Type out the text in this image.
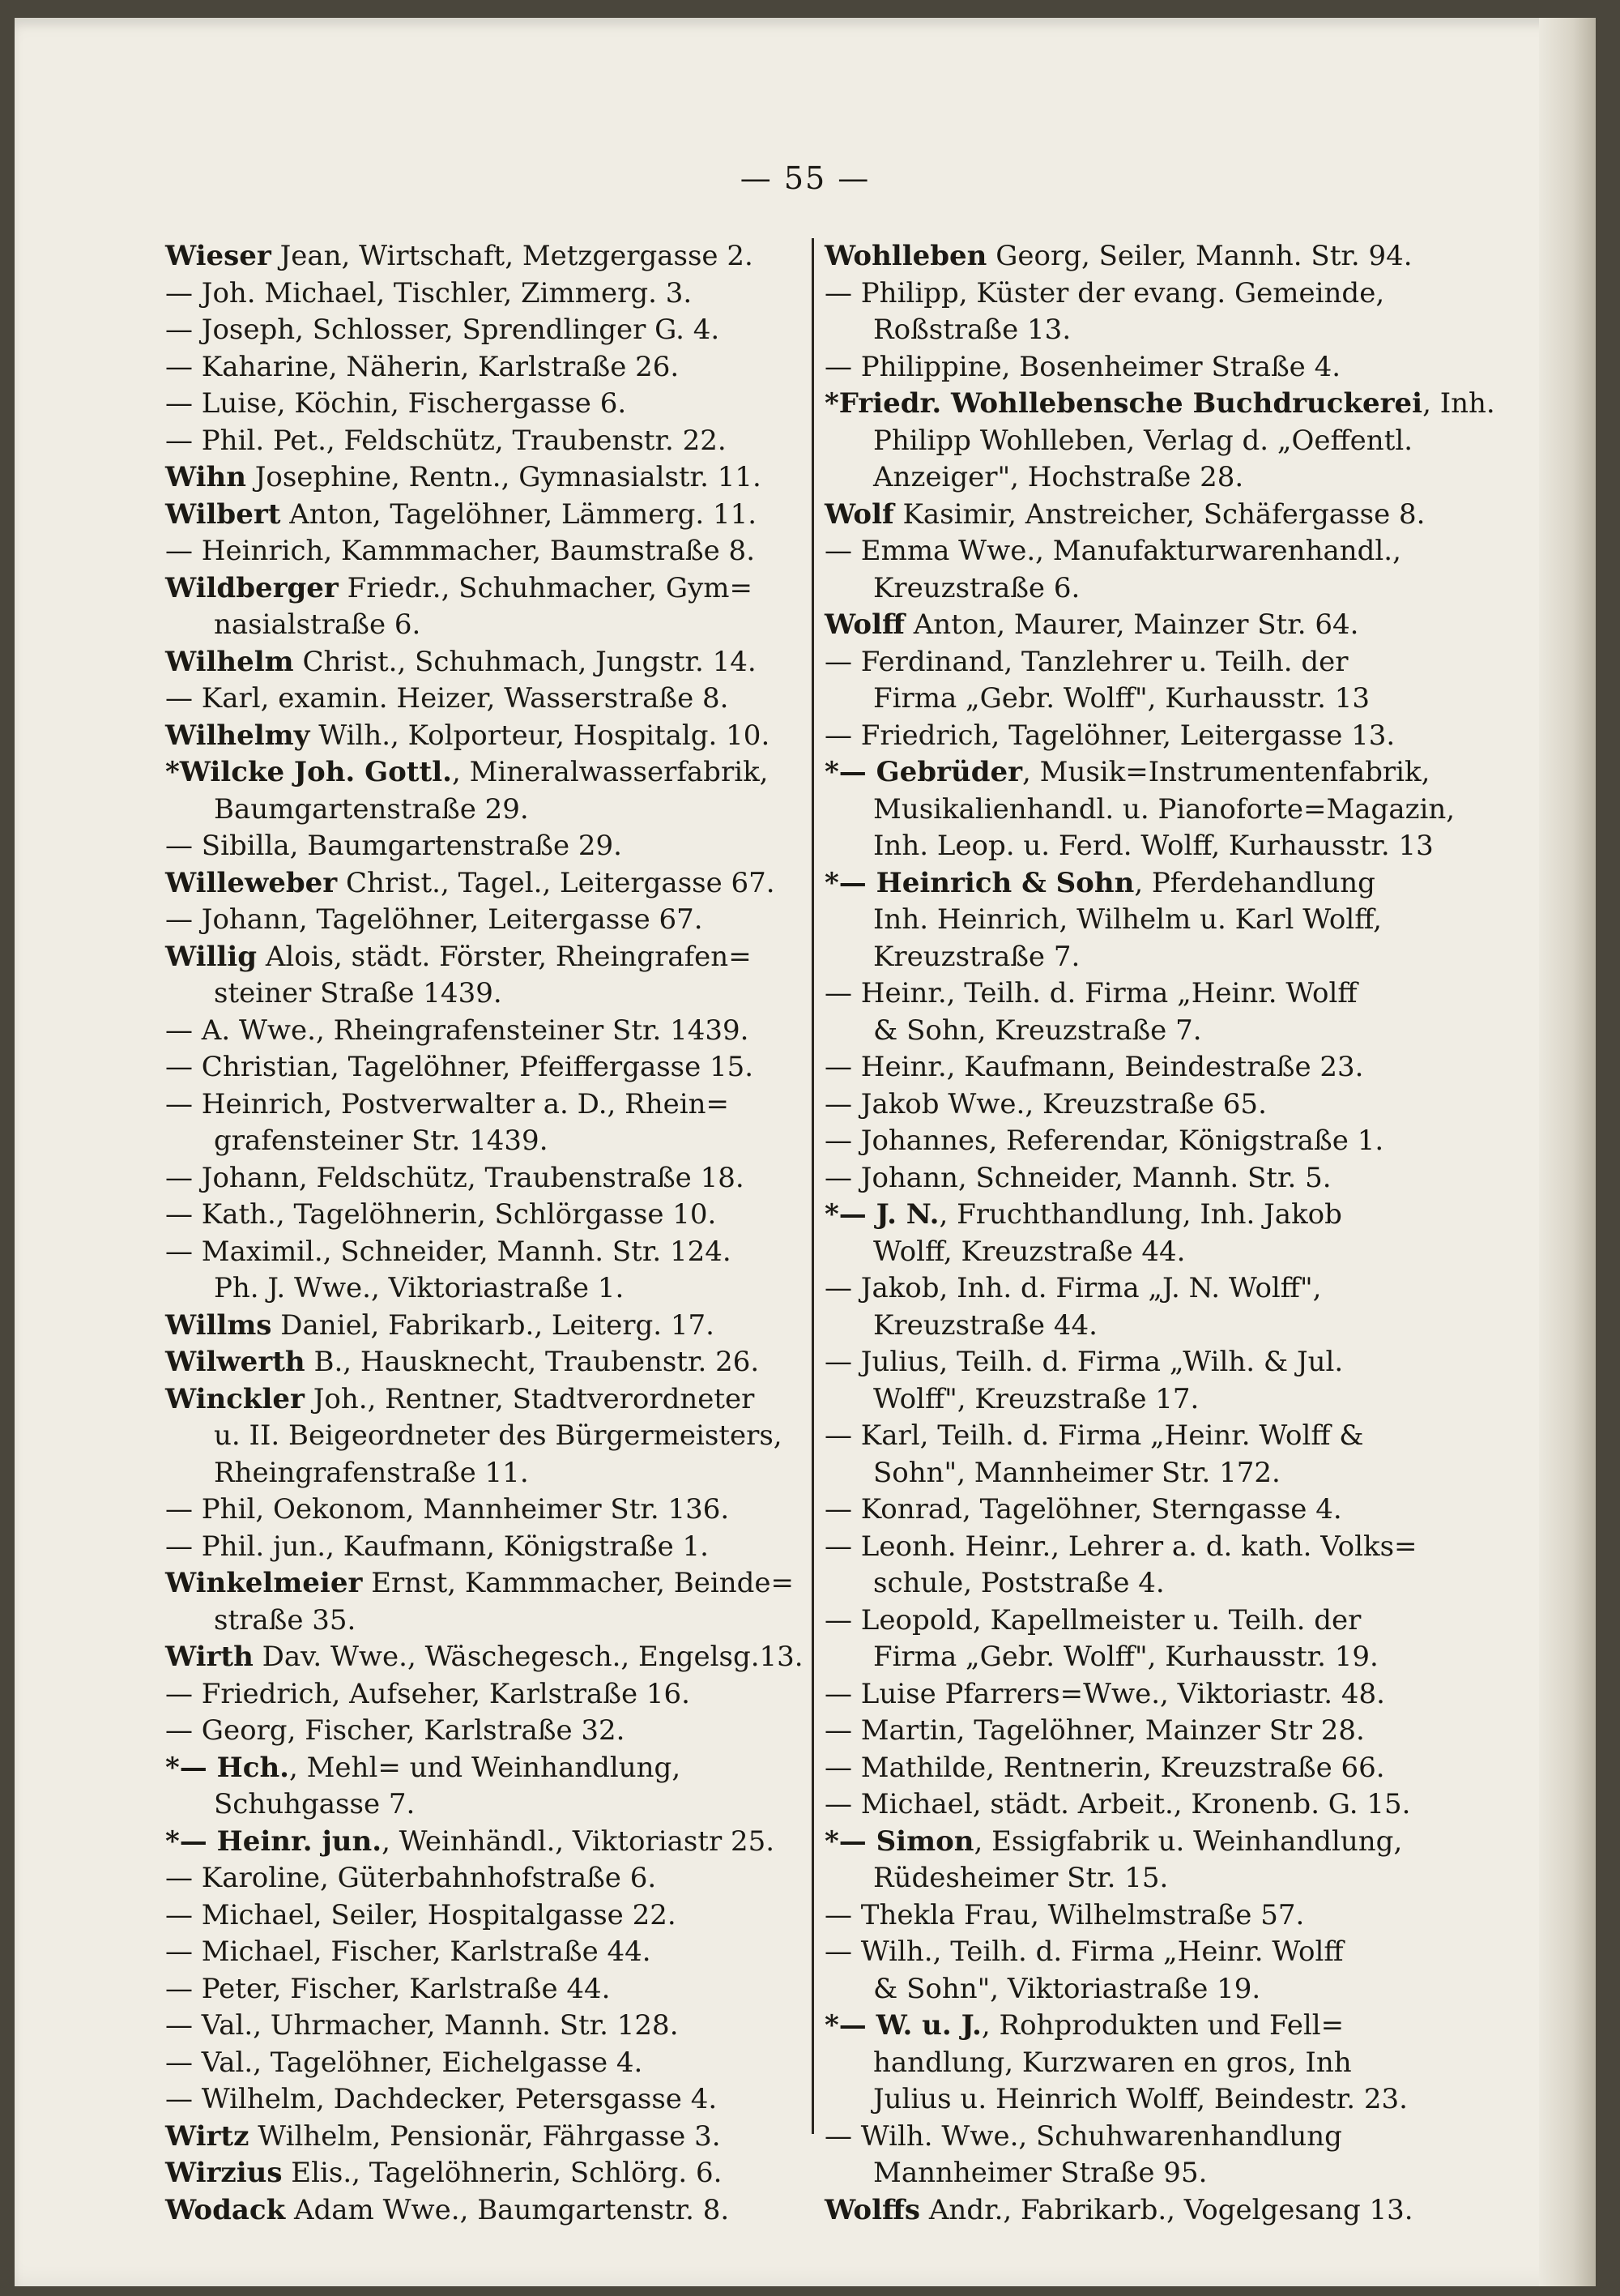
— 55 —
Wieser Jean, Wirtschaft, Metzgergasse 2.
— Joh. Michael, Tischler, Zimmerg. 3.
— Joseph, Schlosser, Sprendlinger G. 4.
— Kaharine, Näherin, Karlstraße 26.
— Luise, Köchin, Fischergasse 6.
— Phil. Pet., Feldschütz, Traubenstr. 22.
Wihn Josephine, Rentn., Gymnasialstr. 11.
Wilbert Anton, Tagelöhner, Lämmerg. 11.
— Heinrich, Kammmacher, Baumstraße 8.
Wildberger Friedr., Schuhmacher, Gym=
nasialstraße 6.
Wilhelm Christ., Schuhmach, Jungstr. 14.
— Karl, examin. Heizer, Wasserstraße 8.
Wilhelmy Wilh., Kolporteur, Hospitalg. 10.
*Wilcke Joh. Gottl., Mineralwasserfabrik,
Baumgartenstraße 29.
— Sibilla, Baumgartenstraße 29.
Willeweber Christ., Tagel., Leitergasse 67.
— Johann, Tagelöhner, Leitergasse 67.
Willig Alois, städt. Förster, Rheingrafen=
steiner Straße 1439.
— A. Wwe., Rheingrafensteiner Str. 1439.
— Christian, Tagelöhner, Pfeiffergasse 15.
— Heinrich, Postverwalter a. D., Rhein=
grafensteiner Str. 1439.
— Johann, Feldschütz, Traubenstraße 18.
— Kath., Tagelöhnerin, Schlörgasse 10.
— Maximil., Schneider, Mannh. Str. 124.
Ph. J. Wwe., Viktoriastraße 1.
Willms Daniel, Fabrikarb., Leiterg. 17.
Wilwerth B., Hausknecht, Traubenstr. 26.
Winckler Joh., Rentner, Stadtverordneter
u. II. Beigeordneter des Bürgermeisters,
Rheingrafenstraße 11.
— Phil, Oekonom, Mannheimer Str. 136.
— Phil. jun., Kaufmann, Königstraße 1.
Winkelmeier Ernst, Kammmacher, Beinde=
straße 35.
Wirth Dav. Wwe., Wäschegesch., Engelsg.13.
— Friedrich, Aufseher, Karlstraße 16.
— Georg, Fischer, Karlstraße 32.
*— Hch., Mehl= und Weinhandlung,
Schuhgasse 7.
*— Heinr. jun., Weinhändl., Viktoriastr 25.
— Karoline, Güterbahnhofstraße 6.
— Michael, Seiler, Hospitalgasse 22.
— Michael, Fischer, Karlstraße 44.
— Peter, Fischer, Karlstraße 44.
— Val., Uhrmacher, Mannh. Str. 128.
— Val., Tagelöhner, Eichelgasse 4.
— Wilhelm, Dachdecker, Petersgasse 4.
Wirtz Wilhelm, Pensionär, Fährgasse 3.
Wirzius Elis., Tagelöhnerin, Schlörg. 6.
Wodack Adam Wwe., Baumgartenstr. 8.
Wohlleben Georg, Seiler, Mannh. Str. 94.
— Philipp, Küster der evang. Gemeinde,
Roßstraße 13.
— Philippine, Bosenheimer Straße 4.
*Friedr. Wohllebensche Buchdruckerei, Inh.
Philipp Wohlleben, Verlag d. „Oeffentl.
Anzeiger", Hochstraße 28.
Wolf Kasimir, Anstreicher, Schäfergasse 8.
— Emma Wwe., Manufakturwarenhandl.,
Kreuzstraße 6.
Wolff Anton, Maurer, Mainzer Str. 64.
— Ferdinand, Tanzlehrer u. Teilh. der
Firma „Gebr. Wolff", Kurhausstr. 13
— Friedrich, Tagelöhner, Leitergasse 13.
*— Gebrüder, Musik=Instrumentenfabrik,
Musikalienhandl. u. Pianoforte=Magazin,
Inh. Leop. u. Ferd. Wolff, Kurhausstr. 13
*— Heinrich & Sohn, Pferdehandlung
Inh. Heinrich, Wilhelm u. Karl Wolff,
Kreuzstraße 7.
— Heinr., Teilh. d. Firma „Heinr. Wolff
& Sohn, Kreuzstraße 7.
— Heinr., Kaufmann, Beindestraße 23.
— Jakob Wwe., Kreuzstraße 65.
— Johannes, Referendar, Königstraße 1.
— Johann, Schneider, Mannh. Str. 5.
*— J. N., Fruchthandlung, Inh. Jakob
Wolff, Kreuzstraße 44.
— Jakob, Inh. d. Firma „J. N. Wolff",
Kreuzstraße 44.
— Julius, Teilh. d. Firma „Wilh. & Jul.
Wolff", Kreuzstraße 17.
— Karl, Teilh. d. Firma „Heinr. Wolff &
Sohn", Mannheimer Str. 172.
— Konrad, Tagelöhner, Sterngasse 4.
— Leonh. Heinr., Lehrer a. d. kath. Volks=
schule, Poststraße 4.
— Leopold, Kapellmeister u. Teilh. der
Firma „Gebr. Wolff", Kurhausstr. 19.
— Luise Pfarrers=Wwe., Viktoriastr. 48.
— Martin, Tagelöhner, Mainzer Str 28.
— Mathilde, Rentnerin, Kreuzstraße 66.
— Michael, städt. Arbeit., Kronenb. G. 15.
*— Simon, Essigfabrik u. Weinhandlung,
Rüdesheimer Str. 15.
— Thekla Frau, Wilhelmstraße 57.
— Wilh., Teilh. d. Firma „Heinr. Wolff
& Sohn", Viktoriastraße 19.
*— W. u. J., Rohprodukten und Fell=
handlung, Kurzwaren en gros, Inh
Julius u. Heinrich Wolff, Beindestr. 23.
— Wilh. Wwe., Schuhwarenhandlung
Mannheimer Straße 95.
Wolffs Andr., Fabrikarb., Vogelgesang 13.
